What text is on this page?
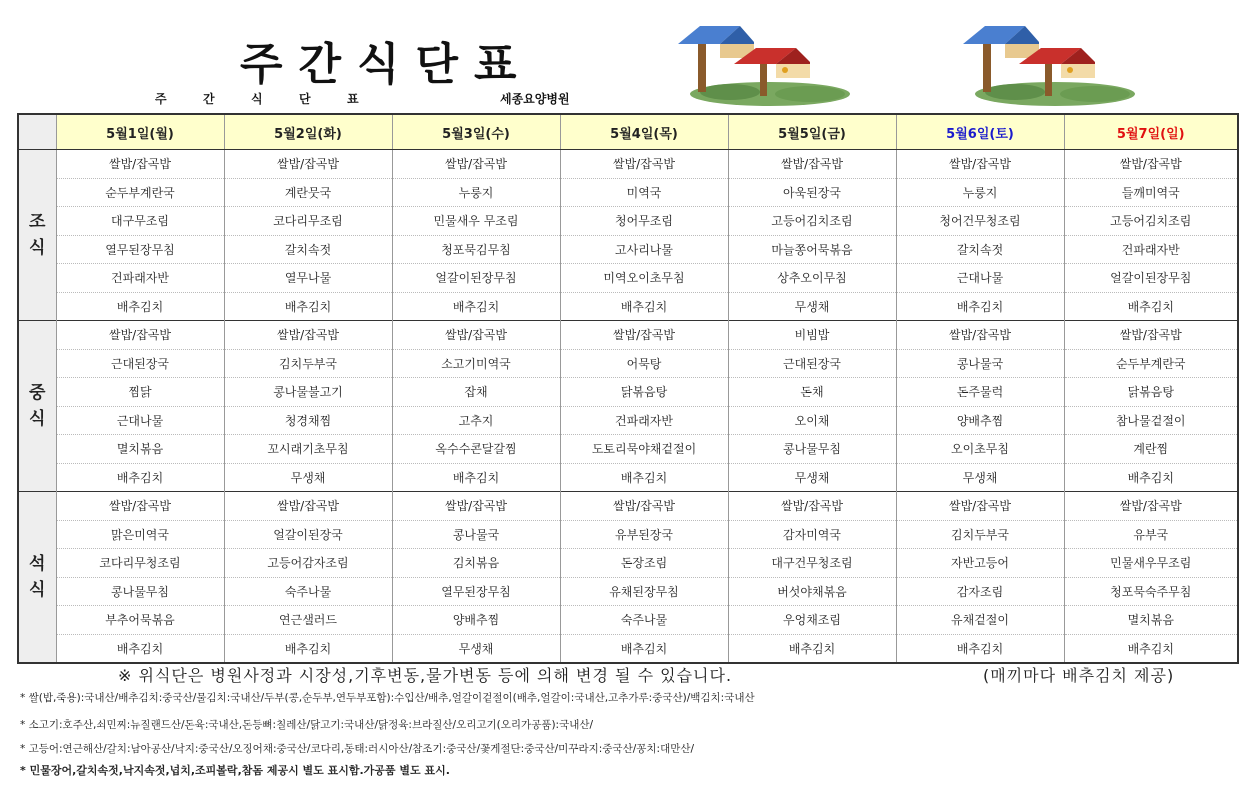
주간식단표
주	간	식	단	표	세종요양병원
	5월1일(월)	5월2일(화)	5월3일(수)	5월4일(목)	5월5일(금)	5월6일(토)	5월7일(일)

조
식	쌀밥/잡곡밥	쌀밥/잡곡밥	쌀밥/잡곡밥	쌀밥/잡곡밥	쌀밥/잡곡밥	쌀밥/잡곡밥	쌀밥/잡곡밥
	순두부계란국	계란뭇국	누룽지	미역국	아욱된장국	누룽지	들깨미역국
	대구무조림	코다리무조림	민물새우 무조림	청어무조림	고등어김치조림	청어건무청조림	고등어김치조림
	열무된장무침	갈치속젓	청포묵김무침	고사리나물	마늘쫑어묵볶음	갈치속젓	건파래자반
	건파래자반	열무나물	얼갈이된장무침	미역오이초무침	상추오이무침	근대나물	얼갈이된장무침
	배추김치	배추김치	배추김치	배추김치	무생채	배추김치	배추김치

중
식	쌀밥/잡곡밥	쌀밥/잡곡밥	쌀밥/잡곡밥	쌀밥/잡곡밥	비빔밥	쌀밥/잡곡밥	쌀밥/잡곡밥
	근대된장국	김치두부국	소고기미역국	어묵탕	근대된장국	콩나물국	순두부계란국
	찜닭	콩나물불고기	잡채	닭볶음탕	돈채	돈주물럭	닭볶음탕
	근대나물	청경채찜	고추지	건파래자반	오이채	양배추찜	참나물겉절이
	멸치볶음	꼬시래기초무침	옥수수콘달갈찜	도토리묵야채겉절이	콩나물무침	오이초무침	계란찜
	배추김치	무생채	배추김치	배추김치	무생채	무생채	배추김치

석
식	쌀밥/잡곡밥	쌀밥/잡곡밥	쌀밥/잡곡밥	쌀밥/잡곡밥	쌀밥/잡곡밥	쌀밥/잡곡밥	쌀밥/잡곡밥
	맑은미역국	얼갈이된장국	콩나물국	유부된장국	감자미역국	김치두부국	유부국
	코다리무청조림	고등어감자조림	김치볶음	돈장조림	대구건무청조림	자반고등어	민물새우무조림
	콩나물무침	숙주나물	열무된장무침	유채된장무침	버섯야채볶음	감자조림	청포묵숙주무침
	부추어묵볶음	연근샐러드	양배추찜	숙주나물	우엉채조림	유채겉절이	멸치볶음
	배추김치	배추김치	무생채	배추김치	배추김치	배추김치	배추김치
※ 위식단은 병원사정과 시장성,기후변동,물가변동 등에 의해 변경 될 수 있습니다.	(매끼마다 배추김치 제공)
* 쌀(밥,죽용):국내산/배추김치:중국산/물김치:국내산/두부(콩,순두부,연두부포함):수입산/배추,얼갈이겉절이(배추,얼갈이:국내산,고추가루:중국산)/백김치:국내산
* 소고기:호주산,쇠민찌:뉴질랜드산/돈육:국내산,돈등뼈:칠레산/닭고기:국내산/닭정육:브라질산/오리고기(오리가공품):국내산/
* 고등어:연근해산/갈치:남아공산/낙지:중국산/오징어채:중국산/코다리,동태:러시아산/참조기:중국산/꽃게절단:중국산/미꾸라지:중국산/꽁치:대만산/
* 민물장어,갈치속젓,낙지속젓,넙치,조피볼락,참돔 제공시 별도 표시함.가공품 별도 표시.
